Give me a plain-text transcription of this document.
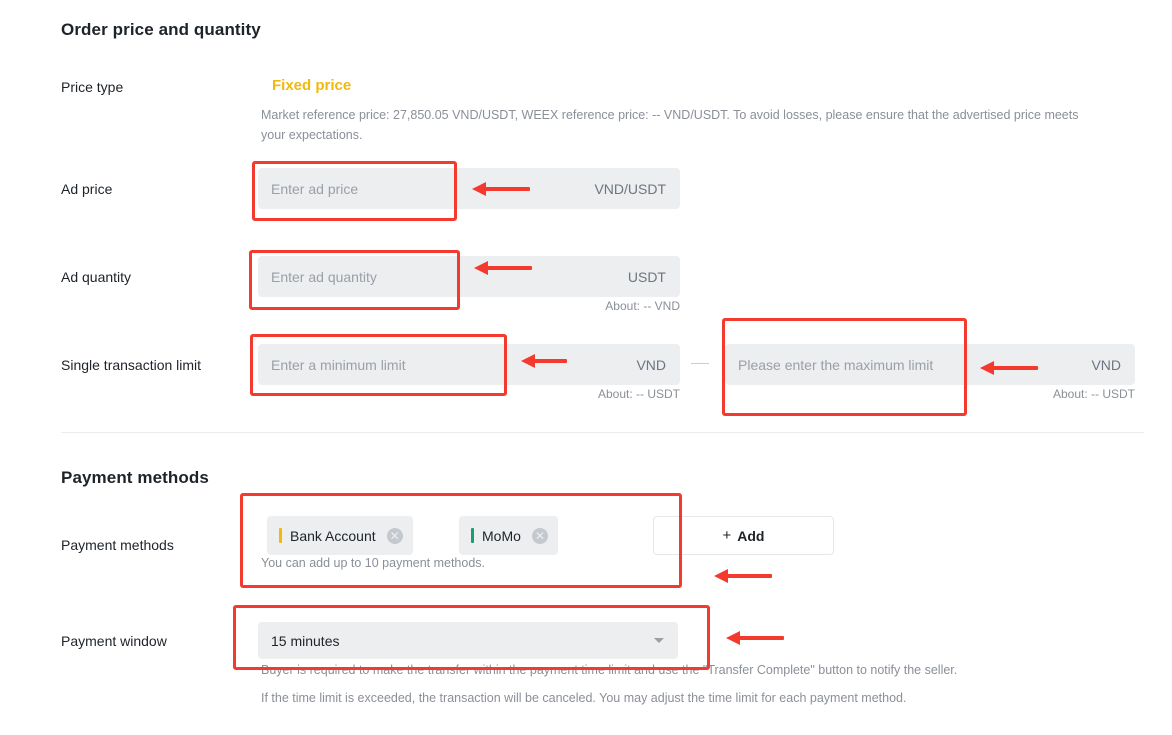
Order price and quantity
Price type	Fixed price
Market reference price: 27,850.05 VND/USDT, WEEX reference price: -- VND/USDT. To avoid losses, please ensure that the advertised price meets your expectations.
Ad price	Enter ad price	VND/USDT
Ad quantity	Enter ad quantity	USDT
About: -- VND
Single transaction limit	Enter a minimum limit	VND
About: -- USDT
Please enter the maximum limit	VND
About: -- USDT
Payment methods
Payment methods
Bank Account ✕	MoMo ✕	+ Add
You can add up to 10 payment methods.
Payment window	15 minutes
Buyer is required to make the transfer within the payment time limit and use the "Transfer Complete" button to notify the seller.
If the time limit is exceeded, the transaction will be canceled. You may adjust the time limit for each payment method.
